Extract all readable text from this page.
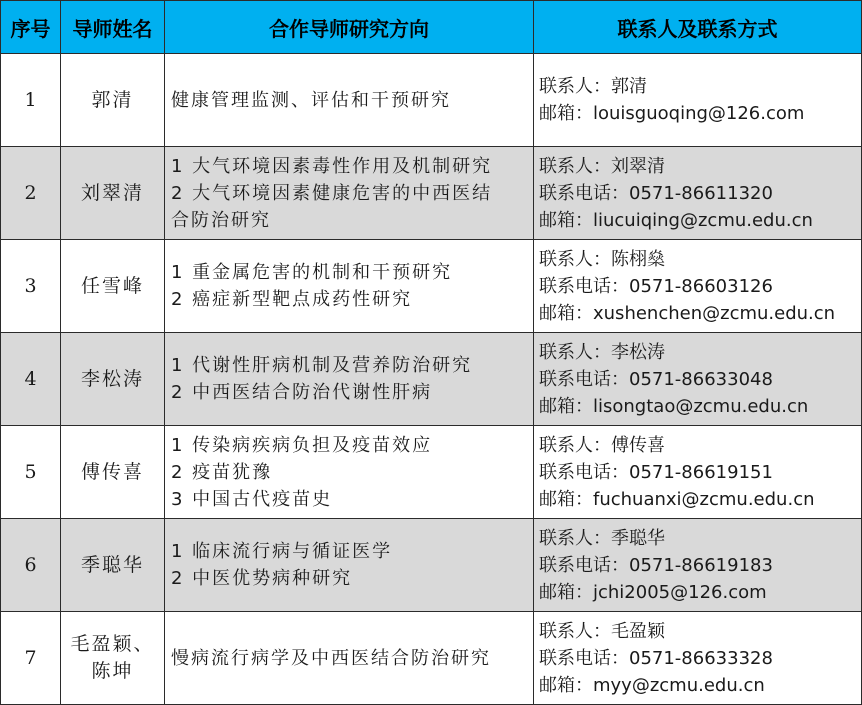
序号	导师姓名	合作导师研究方向	联系人及联系方式
1	郭清	健康管理监测、评估和干预研究	联系人：郭清
邮箱：louisguoqing@126.com

2	刘翠清	1 大气环境因素毒性作用及机制研究
2 大气环境因素健康危害的中西医结
合防治研究	联系人：刘翠清
联系电话：0571-86611320
邮箱：liucuiqing@zcmu.edu.cn

3	任雪峰	1 重金属危害的机制和干预研究
2 癌症新型靶点成药性研究	联系人：陈栩燊
联系电话：0571-86603126
邮箱：xushenchen@zcmu.edu.cn

4	李松涛	1 代谢性肝病机制及营养防治研究
2 中西医结合防治代谢性肝病	联系人：李松涛
联系电话：0571-86633048
邮箱：lisongtao@zcmu.edu.cn

5	傅传喜	1 传染病疾病负担及疫苗效应
2 疫苗犹豫
3 中国古代疫苗史	联系人：傅传喜
联系电话：0571-86619151
邮箱：fuchuanxi@zcmu.edu.cn

6	季聪华	1 临床流行病与循证医学
2 中医优势病种研究	联系人：季聪华
联系电话：0571-86619183
邮箱：jchi2005@126.com

7	毛盈颖、
陈坤	慢病流行病学及中西医结合防治研究	联系人：毛盈颖
联系电话：0571-86633328
邮箱：myy@zcmu.edu.cn
